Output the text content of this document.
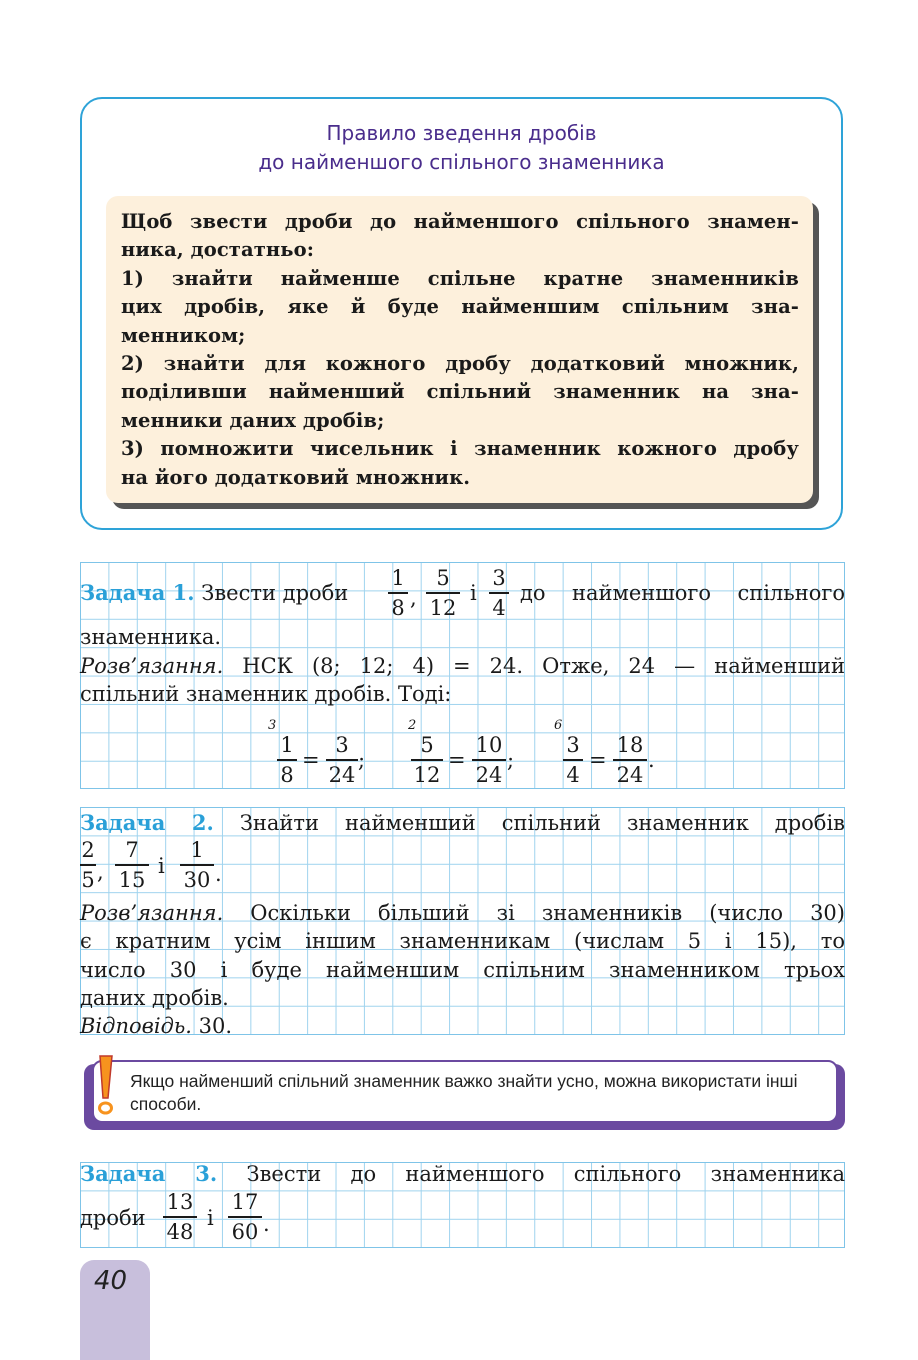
Правило зведення дробів
до найменшого спільного знаменника

Щоб звести дроби до найменшого спільного знамен-

ника, достатньо:

1) знайти найменше спільне кратне знаменників

цих дробів, яке й буде найменшим спільним зна-

менником;

2) знайти для кожного дробу додатковий множник,

поділивши найменший спільний знаменник на зна-

менники даних дробів;

3) помножити чисельник і знаменник кожного дробу

на його додатковий множник.

Задача 1. Звести дроби
1
8 ,
5
12
і
3
4
до найменшого спільного
знаменника.
Розв’язання. НСК (8; 12; 4) = 24. Отже, 24 — найменший
спільний знаменник дробів. Тоді:
3
1
8
=
3
24
;
2
5
12
=
10
24
;
6
3
4
=
18
24
.
Задача 2. Знайти найменший спільний знаменник дробів
2
5 ,
7
15
і
1
30 .
Розв’язання. Оскільки більший зі знаменників (число 30)
є кратним усім іншим знаменникам (числам 5 і 15), то
число 30 і буде найменшим спільним знаменником трьох
даних дробів.
Відповідь. 30.
Якщо найменший спільний знаменник важко знайти усно, можна використати інші способи.
Задача 3. Звести до найменшого спільного знаменника
дроби
13
48
і
17
60 .
40
